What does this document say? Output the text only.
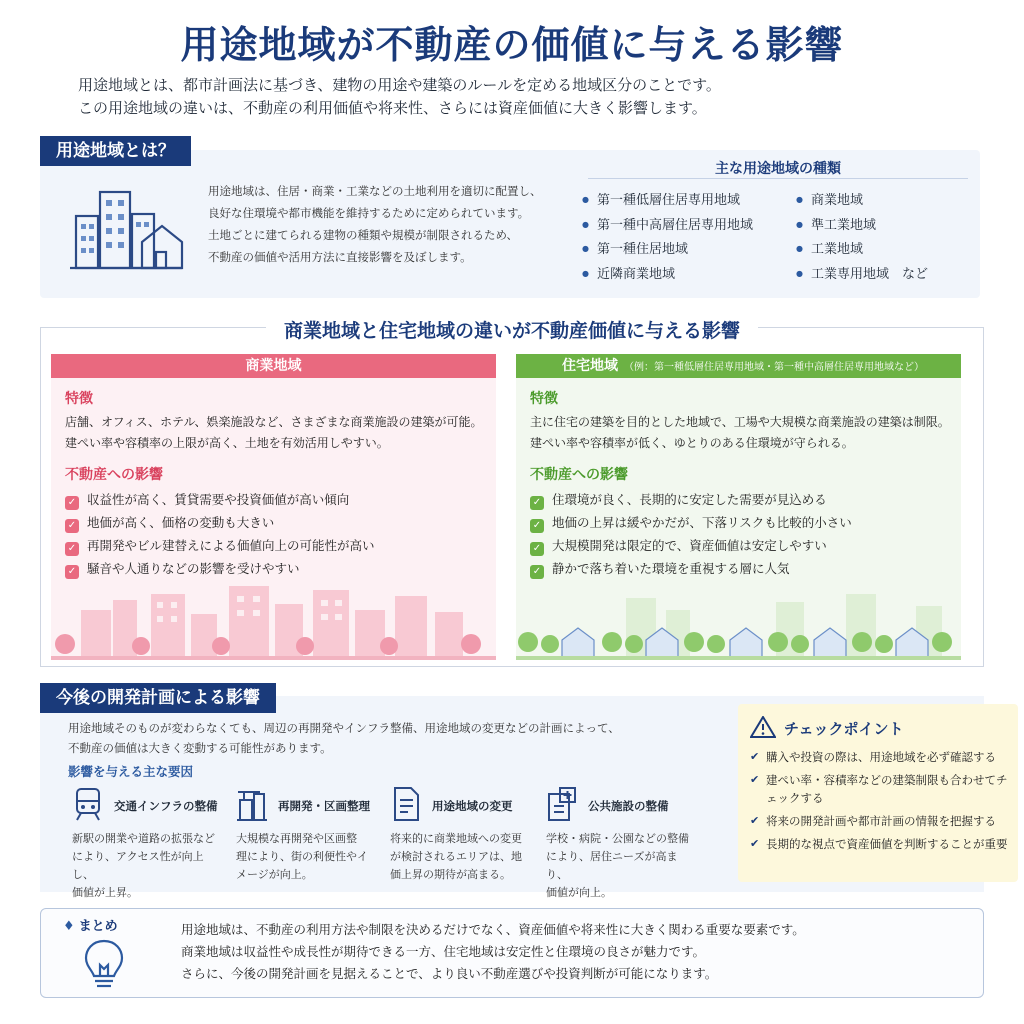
用途地域が不動産の価値に与える影響
用途地域とは、都市計画法に基づき、建物の用途や建築のルールを定める地域区分のことです。
この用途地域の違いは、不動産の利用価値や将来性、さらには資産価値に大きく影響します。
用途地域とは？
用途地域は、住居・商業・工業などの土地利用を適切に配置し、
良好な住環境や都市機能を維持するために定められています。
土地ごとに建てられる建物の種類や規模が制限されるため、
不動産の価値や活用方法に直接影響を及ぼします。
主な用途地域の種類
● 第一種低層住居専用地域
● 第一種中高層住居専用地域
● 第一種住居地域
● 近隣商業地域
● 商業地域
● 準工業地域
● 工業地域
● 工業専用地域　など
商業地域と住宅地域の違いが不動産価値に与える影響
商業地域
特徴
店舗、オフィス、ホテル、娯楽施設など、さまざまな商業施設の建築が可能。
建ぺい率や容積率の上限が高く、土地を有効活用しやすい。
不動産への影響
✓ 収益性が高く、賃貸需要や投資価値が高い傾向
✓ 地価が高く、価格の変動も大きい
✓ 再開発やビル建替えによる価値向上の可能性が高い
✓ 騒音や人通りなどの影響を受けやすい
住宅地域 （例：第一種低層住居専用地域・第一種中高層住居専用地域など）
特徴
主に住宅の建築を目的とした地域で、工場や大規模な商業施設の建築は制限。
建ぺい率や容積率が低く、ゆとりのある住環境が守られる。
不動産への影響
✓ 住環境が良く、長期的に安定した需要が見込める
✓ 地価の上昇は緩やかだが、下落リスクも比較的小さい
✓ 大規模開発は限定的で、資産価値は安定しやすい
✓ 静かで落ち着いた環境を重視する層に人気
今後の開発計画による影響
用途地域そのものが変わらなくても、周辺の再開発やインフラ整備、用途地域の変更などの計画によって、
不動産の価値は大きく変動する可能性があります。
影響を与える主な要因
交通インフラの整備
新駅の開業や道路の拡張など
により、アクセス性が向上し、
価値が上昇。
再開発・区画整理
大規模な再開発や区画整
理により、街の利便性やイ
メージが向上。
用途地域の変更
将来的に商業地域への変更
が検討されるエリアは、地
価上昇の期待が高まる。
公共施設の整備
学校・病院・公園などの整備
により、居住ニーズが高まり、
価値が向上。
チェックポイント
✔ 購入や投資の際は、用途地域を必ず確認する
✔ 建ぺい率・容積率などの建築制限も合わせてチェックする
✔ 将来の開発計画や都市計画の情報を把握する
✔ 長期的な視点で資産価値を判断することが重要
♦ まとめ	用途地域は、不動産の利用方法や制限を決めるだけでなく、資産価値や将来性に大きく関わる重要な要素です。
商業地域は収益性や成長性が期待できる一方、住宅地域は安定性と住環境の良さが魅力です。
さらに、今後の開発計画を見据えることで、より良い不動産選びや投資判断が可能になります。
